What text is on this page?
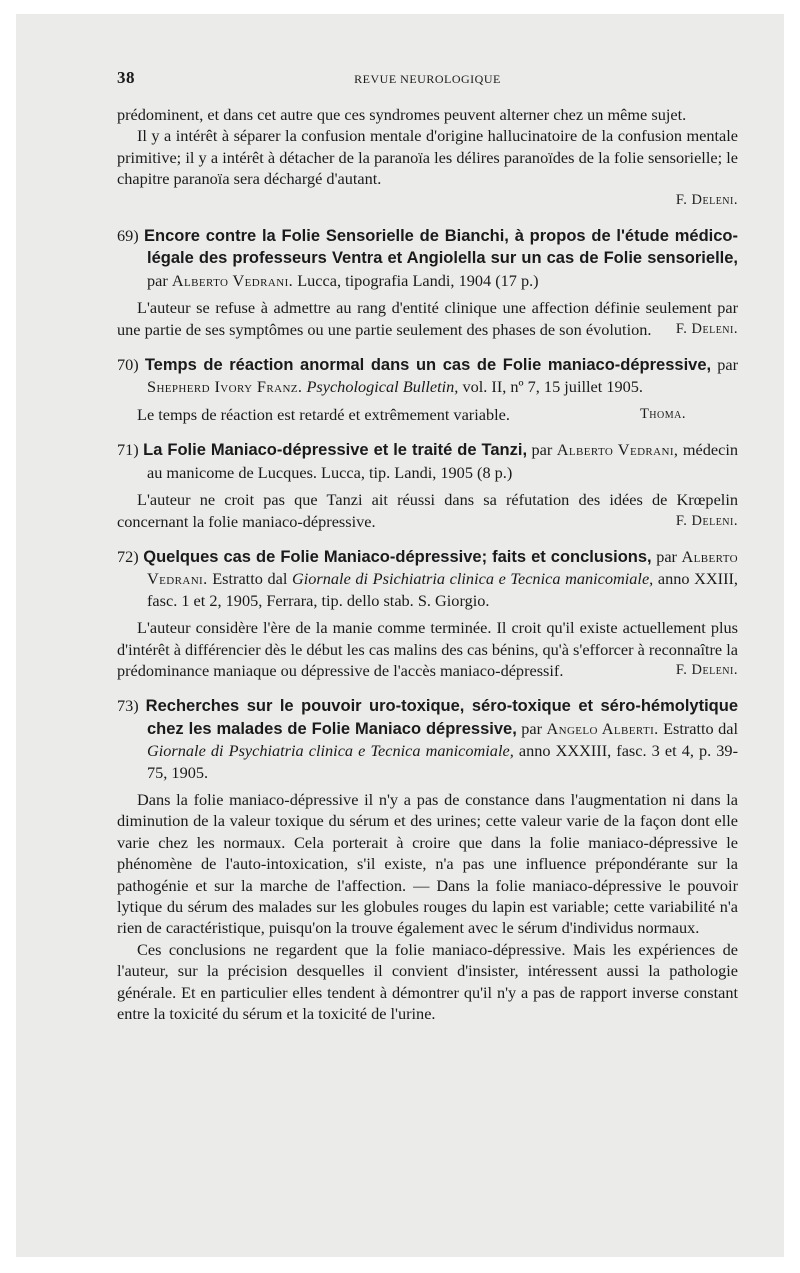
38	REVUE NEUROLOGIQUE

prédominent, et dans cet autre que ces syndromes peuvent alterner chez un même sujet.

Il y a intérêt à séparer la confusion mentale d'origine hallucinatoire de la confusion mentale primitive; il y a intérêt à détacher de la paranoïa les délires paranoïdes de la folie sensorielle; le chapitre paranoïa sera déchargé d'autant.

F. Deleni.
69) Encore contre la Folie Sensorielle de Bianchi, à propos de l'étude médico-légale des professeurs Ventra et Angiolella sur un cas de Folie sensorielle, par Alberto Vedrani. Lucca, tipografia Landi, 1904 (17 p.)

L'auteur se refuse à admettre au rang d'entité clinique une affection définie seulement par une partie de ses symptômes ou une partie seulement des phases de son évolution.	F. Deleni.

70) Temps de réaction anormal dans un cas de Folie maniaco-dépressive, par Shepherd Ivory Franz. Psychological Bulletin, vol. II, nº 7, 15 juillet 1905.

Le temps de réaction est retardé et extrêmement variable.	Thoma.

71) La Folie Maniaco-dépressive et le traité de Tanzi, par Alberto Vedrani, médecin au manicome de Lucques. Lucca, tip. Landi, 1905 (8 p.)

L'auteur ne croit pas que Tanzi ait réussi dans sa réfutation des idées de Krœpelin concernant la folie maniaco-dépressive.	F. Deleni.

72) Quelques cas de Folie Maniaco-dépressive; faits et conclusions, par Alberto Vedrani. Estratto dal Giornale di Psichiatria clinica e Tecnica manicomiale, anno XXIII, fasc. 1 et 2, 1905, Ferrara, tip. dello stab. S. Giorgio.

L'auteur considère l'ère de la manie comme terminée. Il croit qu'il existe actuellement plus d'intérêt à différencier dès le début les cas malins des cas bénins, qu'à s'efforcer à reconnaître la prédominance maniaque ou dépressive de l'accès maniaco-dépressif.	F. Deleni.

73) Recherches sur le pouvoir uro-toxique, séro-toxique et séro-hémolytique chez les malades de Folie Maniaco dépressive, par Angelo Alberti. Estratto dal Giornale di Psychiatria clinica e Tecnica manicomiale, anno XXXIII, fasc. 3 et 4, p. 39-75, 1905.

Dans la folie maniaco-dépressive il n'y a pas de constance dans l'augmentation ni dans la diminution de la valeur toxique du sérum et des urines; cette valeur varie de la façon dont elle varie chez les normaux. Cela porterait à croire que dans la folie maniaco-dépressive le phénomène de l'auto-intoxication, s'il existe, n'a pas une influence prépondérante sur la pathogénie et sur la marche de l'affection. — Dans la folie maniaco-dépressive le pouvoir lytique du sérum des malades sur les globules rouges du lapin est variable; cette variabilité n'a rien de caractéristique, puisqu'on la trouve également avec le sérum d'individus normaux.

Ces conclusions ne regardent que la folie maniaco-dépressive. Mais les expériences de l'auteur, sur la précision desquelles il convient d'insister, intéressent aussi la pathologie générale. Et en particulier elles tendent à démontrer qu'il n'y a pas de rapport inverse constant entre la toxicité du sérum et la toxicité de l'urine.
